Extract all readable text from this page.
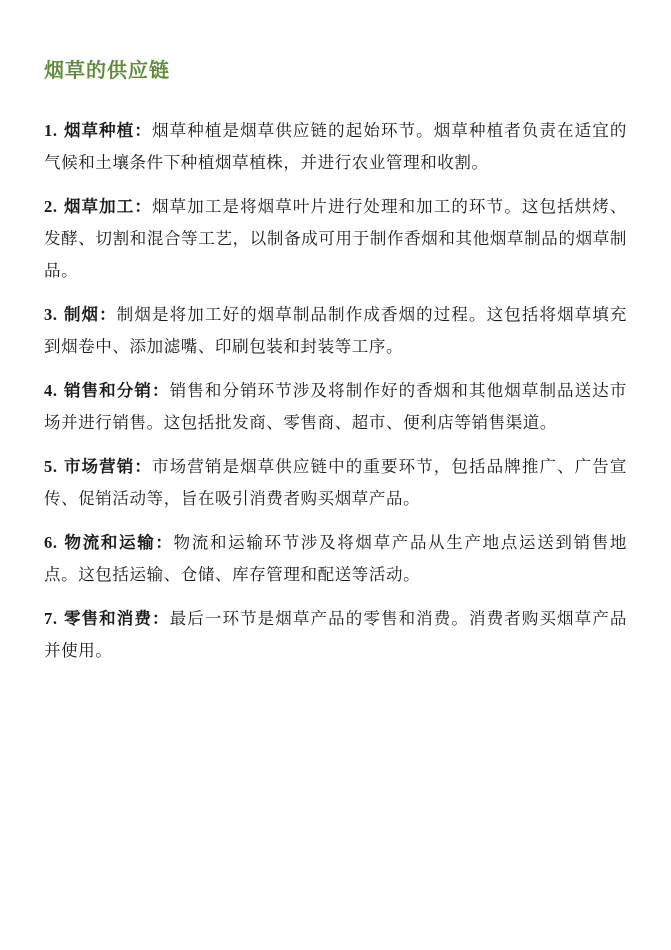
烟草的供应链
1. 烟草种植：烟草种植是烟草供应链的起始环节。烟草种植者负责在适宜的气候和土壤条件下种植烟草植株，并进行农业管理和收割。
2. 烟草加工：烟草加工是将烟草叶片进行处理和加工的环节。这包括烘烤、发酵、切割和混合等工艺，以制备成可用于制作香烟和其他烟草制品的烟草制品。
3. 制烟：制烟是将加工好的烟草制品制作成香烟的过程。这包括将烟草填充到烟卷中、添加滤嘴、印刷包装和封装等工序。
4. 销售和分销：销售和分销环节涉及将制作好的香烟和其他烟草制品送达市场并进行销售。这包括批发商、零售商、超市、便利店等销售渠道。
5. 市场营销：市场营销是烟草供应链中的重要环节，包括品牌推广、广告宣传、促销活动等，旨在吸引消费者购买烟草产品。
6. 物流和运输：物流和运输环节涉及将烟草产品从生产地点运送到销售地点。这包括运输、仓储、库存管理和配送等活动。
7. 零售和消费：最后一环节是烟草产品的零售和消费。消费者购买烟草产品并使用。
